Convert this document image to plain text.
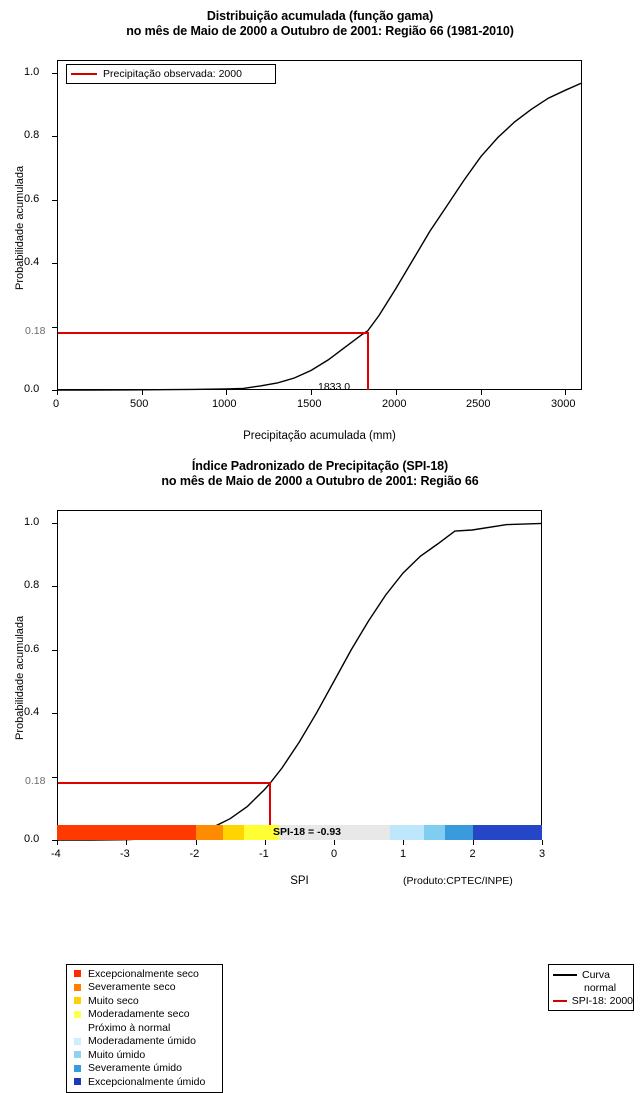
Distribuição acumulada (função gama)
no mês de Maio de 2000 a Outubro de 2001: Região 66 (1981-2010)
Precipitação observada: 2000
0.18
1833.0
0.0
0.4
0.6
0.8
1.0
0	500	1000	1500	2000	2500	3000
Precipitação acumulada (mm)
Probabilidade acumulada
Índice Padronizado de Precipitação (SPI-18)
no mês de Maio de 2000 a Outubro de 2001: Região 66
Excepcionalmente seco
Severamente seco
Muito seco
Moderadamente seco
Próximo à normal
Moderadamente úmido
Muito úmido
Severamente úmido
Excepcionalmente úmido
Curva
normal
SPI-18: 2000
0.18
SPI-18 = -0.93
0.0
0.4
0.6
0.8
1.0
-4	-3	-2	-1	0	1	2	3
SPI
Probabilidade acumulada
(Produto:CPTEC/INPE)
